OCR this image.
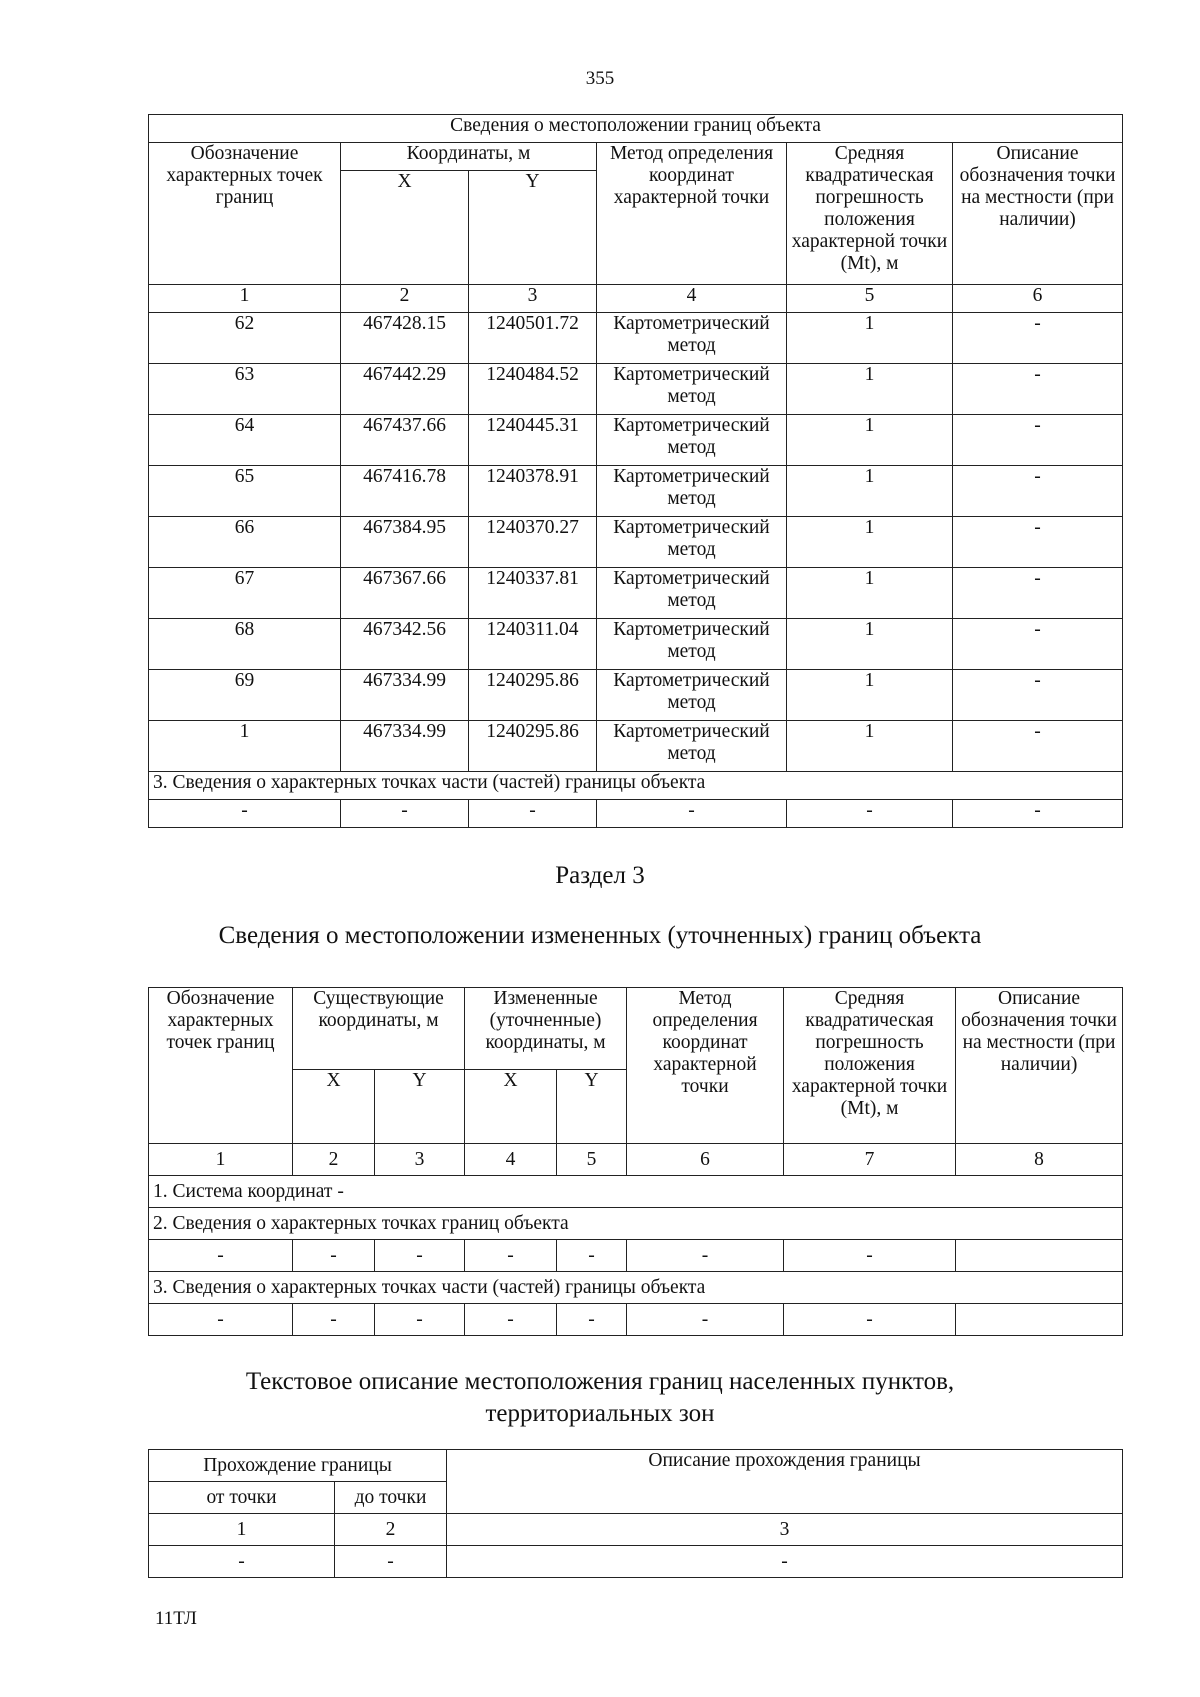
355
Сведения о местоположении границ объекта					
Обозначение характерных точек границ	Координаты, м		Метод определения координат характерной точки	Средняя квадратическая погрешность положения характерной точки (Mt), м	Описание обозначения точки на местности (при наличии)
	X	Y			
1	2	3	4	5	6
62	467428.15	1240501.72	Картометрический метод	1	-
63	467442.29	1240484.52	Картометрический метод	1	-
64	467437.66	1240445.31	Картометрический метод	1	-
65	467416.78	1240378.91	Картометрический метод	1	-
66	467384.95	1240370.27	Картометрический метод	1	-
67	467367.66	1240337.81	Картометрический метод	1	-
68	467342.56	1240311.04	Картометрический метод	1	-
69	467334.99	1240295.86	Картометрический метод	1	-
1	467334.99	1240295.86	Картометрический метод	1	-
3. Сведения о характерных точках части (частей) границы объекта					
-	-	-	-	-	-
Раздел 3
Сведения о местоположении измененных (уточненных) границ объекта
Обозначение характерных точек границ	Существующие координаты, м		Измененные (уточненные) координаты, м		Метод определения координат характерной точки	Средняя квадратическая погрешность положения характерной точки (Mt), м	Описание обозначения точки на местности (при наличии)
	X	Y	X	Y			
1	2	3	4	5	6	7	8
1. Система координат -							
2. Сведения о характерных точках границ объекта							
-	-	-	-	-	-	-	
3. Сведения о характерных точках части (частей) границы объекта							
-	-	-	-	-	-	-	
Текстовое описание местоположения границ населенных пунктов,
территориальных зон
Прохождение границы		Описание прохождения границы
от точки	до точки	
1	2	3
-	-	-
11ТЛ
